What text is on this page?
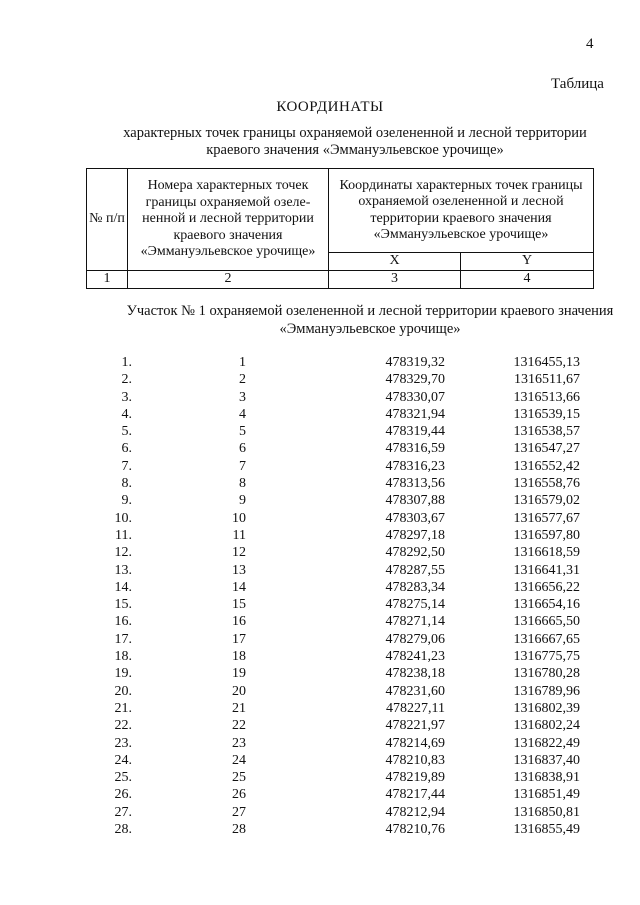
4
Таблица
КООРДИНАТЫ
характерных точек границы охраняемой озелененной и лесной территории краевого значения «Эммануэльевское урочище»
№ п/п	Номера характерных точек границы охраняемой озеле-ненной и лесной территории краевого значения «Эммануэльевское урочище»	Координаты характерных точек границы охраняемой озелененной и лесной территории краевого значения «Эммануэльевское урочище»	
		X	Y
1	2	3	4
Участок № 1 охраняемой озелененной и лесной территории краевого значения «Эммануэльевское урочище»
1.	1	478319,32	1316455,13
2.	2	478329,70	1316511,67
3.	3	478330,07	1316513,66
4.	4	478321,94	1316539,15
5.	5	478319,44	1316538,57
6.	6	478316,59	1316547,27
7.	7	478316,23	1316552,42
8.	8	478313,56	1316558,76
9.	9	478307,88	1316579,02
10.	10	478303,67	1316577,67
11.	11	478297,18	1316597,80
12.	12	478292,50	1316618,59
13.	13	478287,55	1316641,31
14.	14	478283,34	1316656,22
15.	15	478275,14	1316654,16
16.	16	478271,14	1316665,50
17.	17	478279,06	1316667,65
18.	18	478241,23	1316775,75
19.	19	478238,18	1316780,28
20.	20	478231,60	1316789,96
21.	21	478227,11	1316802,39
22.	22	478221,97	1316802,24
23.	23	478214,69	1316822,49
24.	24	478210,83	1316837,40
25.	25	478219,89	1316838,91
26.	26	478217,44	1316851,49
27.	27	478212,94	1316850,81
28.	28	478210,76	1316855,49
